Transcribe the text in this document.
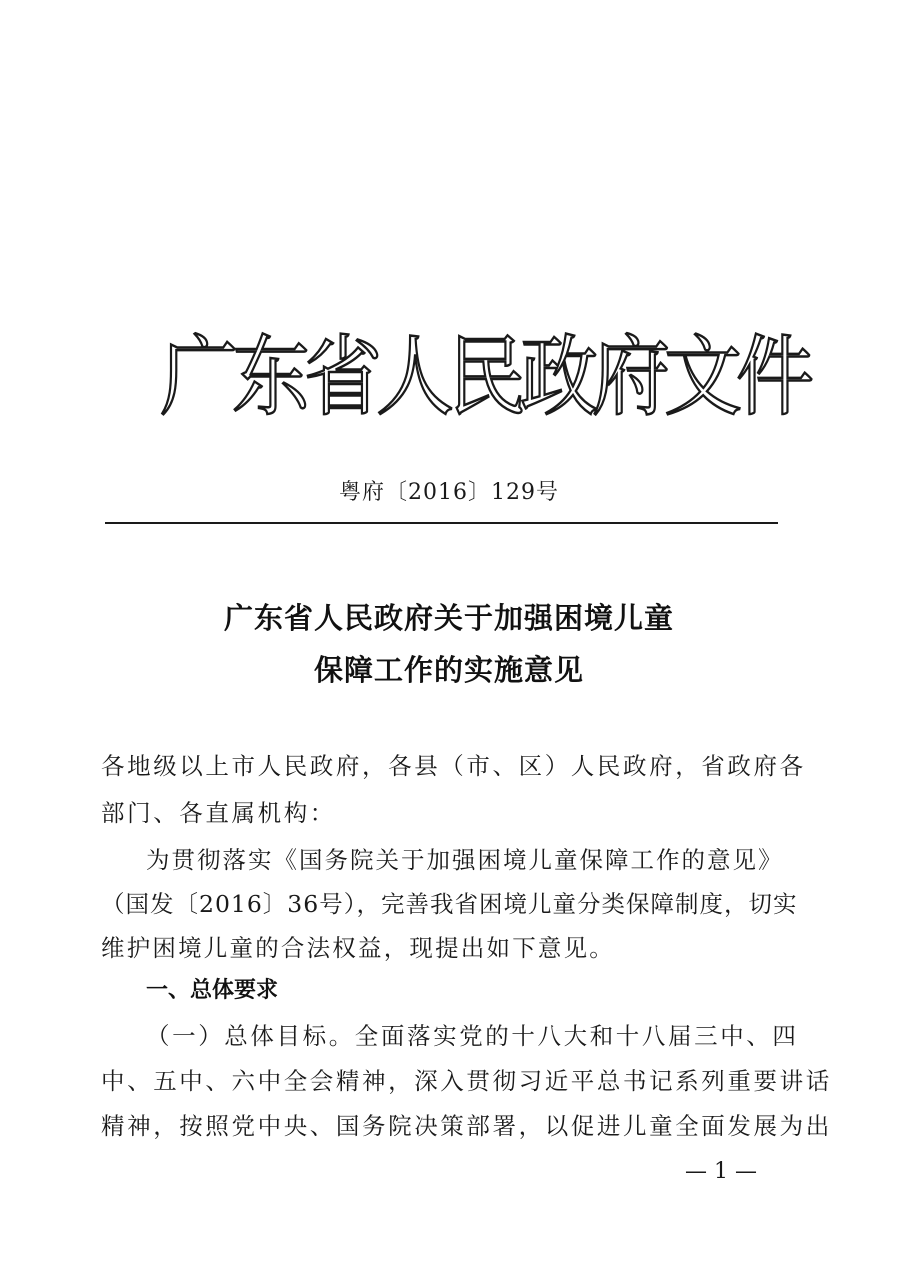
广东省人民政府文件
粤府〔2016〕129号
广东省人民政府关于加强困境儿童
保障工作的实施意见
各地级以上市人民政府，各县（市、区）人民政府，省政府各
部门、各直属机构：
为贯彻落实《国务院关于加强困境儿童保障工作的意见》
（国发〔2016〕36号），完善我省困境儿童分类保障制度，切实
维护困境儿童的合法权益，现提出如下意见。
一、总体要求
（一）总体目标。全面落实党的十八大和十八届三中、四
中、五中、六中全会精神，深入贯彻习近平总书记系列重要讲话
精神，按照党中央、国务院决策部署，以促进儿童全面发展为出
— 1 —
